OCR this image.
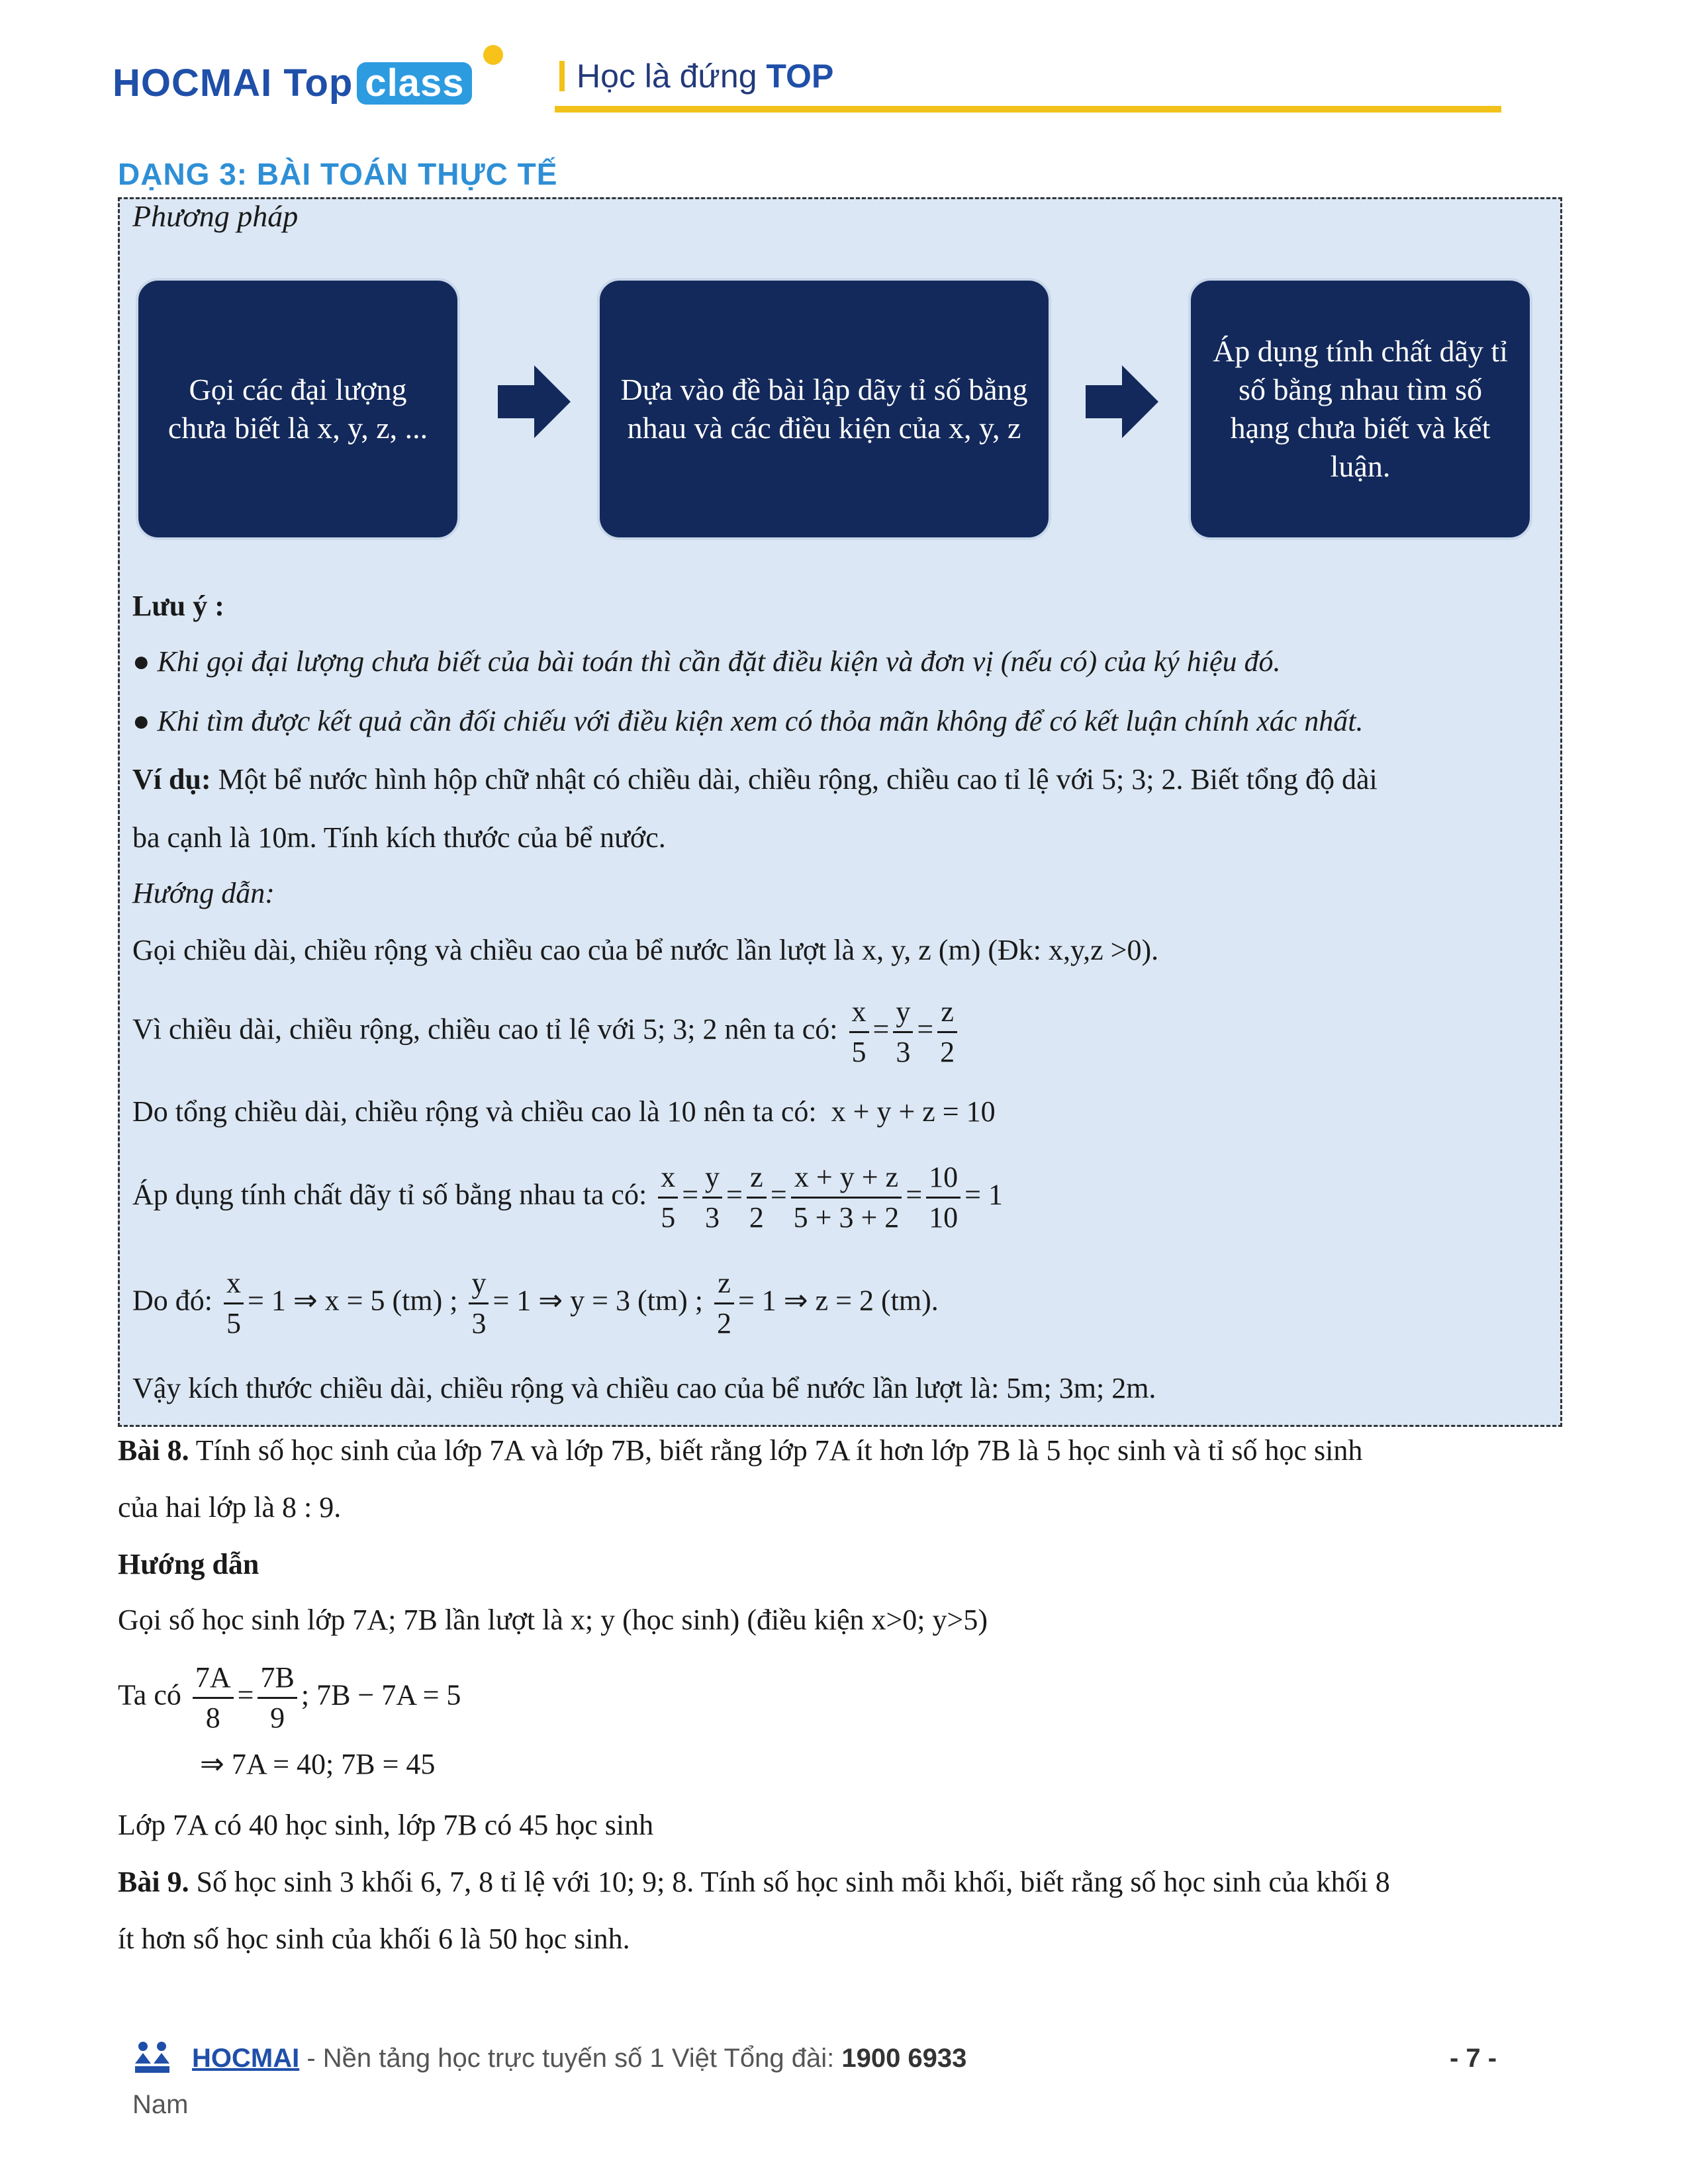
HOCMAI Top class	Học là đứng TOP
DẠNG 3: BÀI TOÁN THỰC TẾ
Phương pháp
Gọi các đại lượng chưa biết là x, y, z, ...
Dựa vào đề bài lập dãy tỉ số bằng nhau và các điều kiện của x, y, z
Áp dụng tính chất dãy tỉ số bằng nhau tìm số hạng chưa biết và kết luận.
Lưu ý :
● Khi gọi đại lượng chưa biết của bài toán thì cần đặt điều kiện và đơn vị (nếu có) của ký hiệu đó.
● Khi tìm được kết quả cần đối chiếu với điều kiện xem có thỏa mãn không để có kết luận chính xác nhất.
Ví dụ: Một bể nước hình hộp chữ nhật có chiều dài, chiều rộng, chiều cao tỉ lệ với 5; 3; 2. Biết tổng độ dài
ba cạnh là 10m. Tính kích thước của bể nước.
Hướng dẫn:
Gọi chiều dài, chiều rộng và chiều cao của bể nước lần lượt là x, y, z (m) (Đk: x,y,z >0).
Vì chiều dài, chiều rộng, chiều cao tỉ lệ với 5; 3; 2 nên ta có: $\frac{x}{5} = \frac{y}{3} = \frac{z}{2}$
Do tổng chiều dài, chiều rộng và chiều cao là 10 nên ta có: x + y + z = 10
Áp dụng tính chất dãy tỉ số bằng nhau ta có: $\frac{x}{5} = \frac{y}{3} = \frac{z}{2} = \frac{x + y + z}{5 + 3 + 2} = \frac{10}{10} = 1$
Do đó: $\frac{x}{5} = 1$ ⇒ x = 5 (tm) ; $\frac{y}{3} = 1$ ⇒ y = 3 (tm) ; $\frac{z}{2} = 1$ ⇒ z = 2 (tm).
Vậy kích thước chiều dài, chiều rộng và chiều cao của bể nước lần lượt là: 5m; 3m; 2m.
Bài 8. Tính số học sinh của lớp 7A và lớp 7B, biết rằng lớp 7A ít hơn lớp 7B là 5 học sinh và tỉ số học sinh
của hai lớp là 8 : 9.
Hướng dẫn
Gọi số học sinh lớp 7A; 7B lần lượt là x; y (học sinh) (điều kiện x>0; y>5)
Ta có $\frac{7A}{8} = \frac{7B}{9}$ ; 7B − 7A = 5
⇒ 7A = 40; 7B = 45
Lớp 7A có 40 học sinh, lớp 7B có 45 học sinh
Bài 9. Số học sinh 3 khối 6, 7, 8 tỉ lệ với 10; 9; 8. Tính số học sinh mỗi khối, biết rằng số học sinh của khối 8
ít hơn số học sinh của khối 6 là 50 học sinh.
HOCMAI - Nền tảng học trực tuyến số 1 Việt Tổng đài: 1900 6933
Nam
- 7 -
